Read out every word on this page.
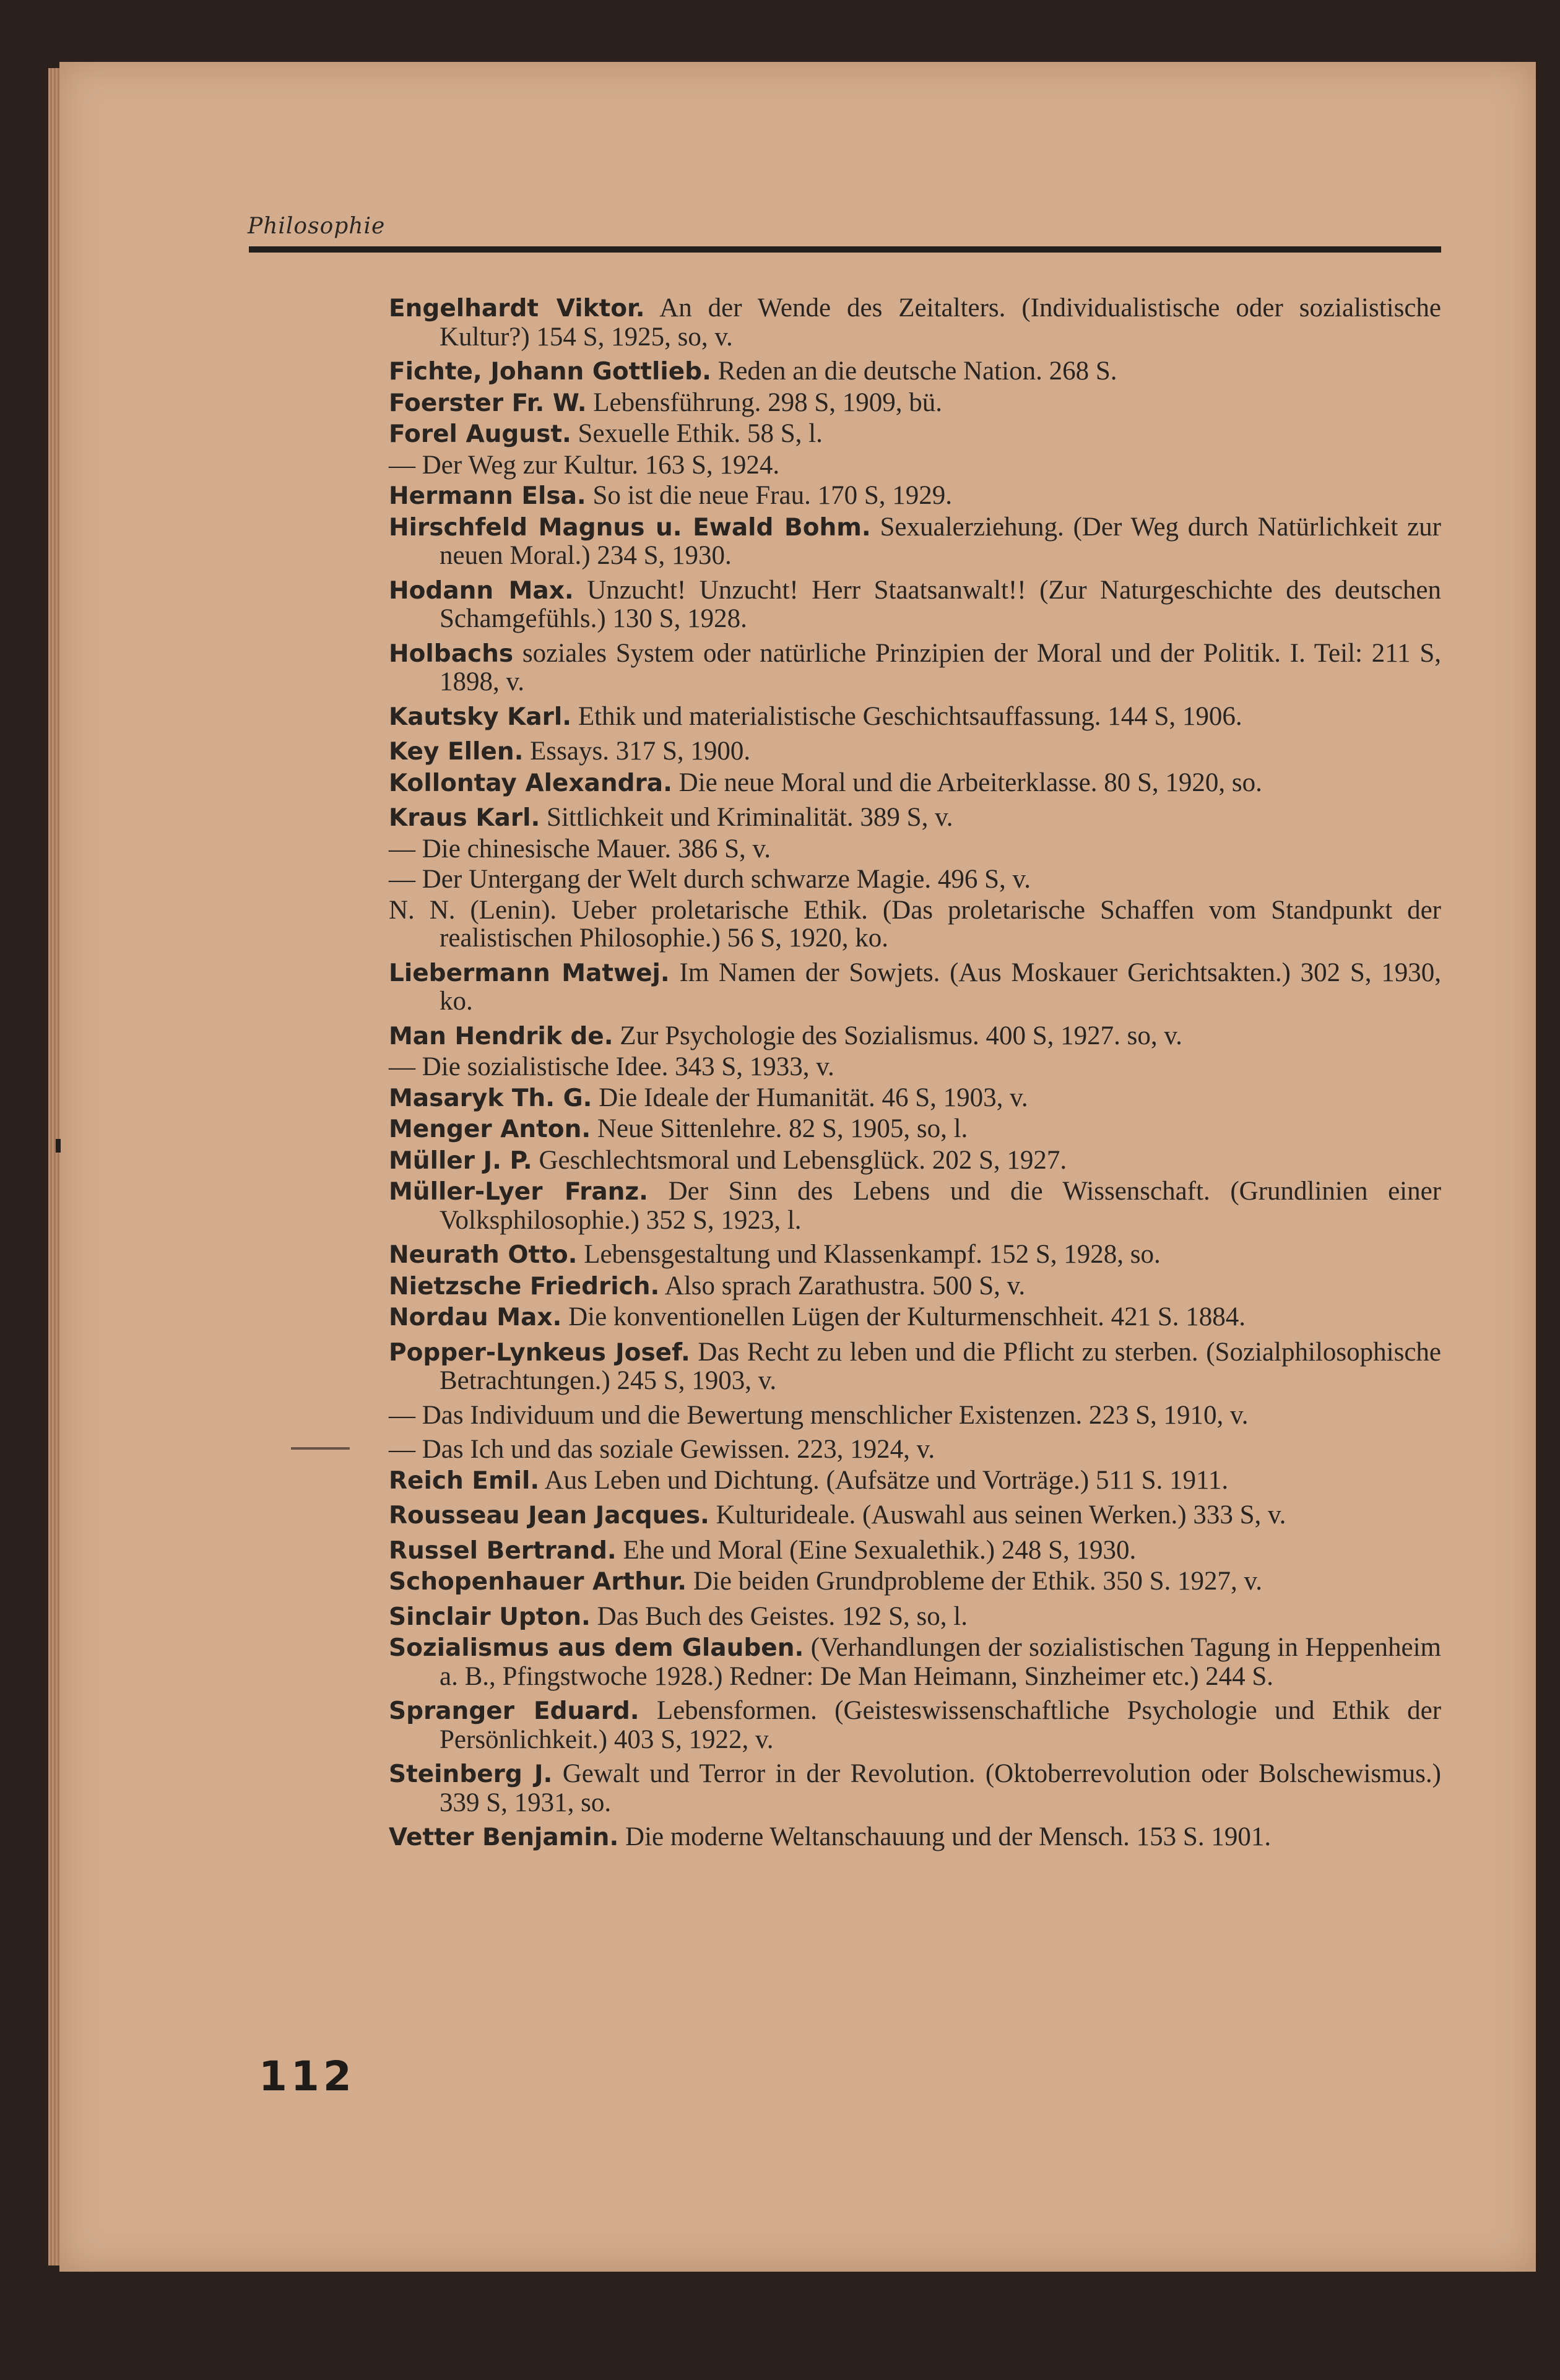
Philosophie
Engelhardt Viktor. An der Wende des Zeitalters. (Individualistische oder sozialistische Kultur?) 154 S, 1925, so, v.
Fichte, Johann Gottlieb. Reden an die deutsche Nation. 268 S.
Foerster Fr. W. Lebensführung. 298 S, 1909, bü.
Forel August. Sexuelle Ethik. 58 S, l.
— Der Weg zur Kultur. 163 S, 1924.
Hermann Elsa. So ist die neue Frau. 170 S, 1929.
Hirschfeld Magnus u. Ewald Bohm. Sexualerziehung. (Der Weg durch Natürlichkeit zur neuen Moral.) 234 S, 1930.
Hodann Max. Unzucht! Unzucht! Herr Staatsanwalt!! (Zur Naturgeschichte des deutschen Schamgefühls.) 130 S, 1928.
Holbachs soziales System oder natürliche Prinzipien der Moral und der Politik. I. Teil: 211 S, 1898, v.
Kautsky Karl. Ethik und materialistische Geschichtsauffassung. 144 S, 1906.
Key Ellen. Essays. 317 S, 1900.
Kollontay Alexandra. Die neue Moral und die Arbeiterklasse. 80 S, 1920, so.
Kraus Karl. Sittlichkeit und Kriminalität. 389 S, v.
— Die chinesische Mauer. 386 S, v.
— Der Untergang der Welt durch schwarze Magie. 496 S, v.
N. N. (Lenin). Ueber proletarische Ethik. (Das proletarische Schaffen vom Standpunkt der realistischen Philosophie.) 56 S, 1920, ko.
Liebermann Matwej. Im Namen der Sowjets. (Aus Moskauer Gerichtsakten.) 302 S, 1930, ko.
Man Hendrik de. Zur Psychologie des Sozialismus. 400 S, 1927. so, v.
— Die sozialistische Idee. 343 S, 1933, v.
Masaryk Th. G. Die Ideale der Humanität. 46 S, 1903, v.
Menger Anton. Neue Sittenlehre. 82 S, 1905, so, l.
Müller J. P. Geschlechtsmoral und Lebensglück. 202 S, 1927.
Müller-Lyer Franz. Der Sinn des Lebens und die Wissenschaft. (Grundlinien einer Volksphilosophie.) 352 S, 1923, l.
Neurath Otto. Lebensgestaltung und Klassenkampf. 152 S, 1928, so.
Nietzsche Friedrich. Also sprach Zarathustra. 500 S, v.
Nordau Max. Die konventionellen Lügen der Kulturmenschheit. 421 S. 1884.
Popper-Lynkeus Josef. Das Recht zu leben und die Pflicht zu sterben. (Sozialphilosophische Betrachtungen.) 245 S, 1903, v.
— Das Individuum und die Bewertung menschlicher Existenzen. 223 S, 1910, v.
— Das Ich und das soziale Gewissen. 223, 1924, v.
Reich Emil. Aus Leben und Dichtung. (Aufsätze und Vorträge.) 511 S. 1911.
Rousseau Jean Jacques. Kulturideale. (Auswahl aus seinen Werken.) 333 S, v.
Russel Bertrand. Ehe und Moral (Eine Sexualethik.) 248 S, 1930.
Schopenhauer Arthur. Die beiden Grundprobleme der Ethik. 350 S. 1927, v.
Sinclair Upton. Das Buch des Geistes. 192 S, so, l.
Sozialismus aus dem Glauben. (Verhandlungen der sozialistischen Tagung in Heppenheim a. B., Pfingstwoche 1928.) Redner: De Man Heimann, Sinzheimer etc.) 244 S.
Spranger Eduard. Lebensformen. (Geisteswissenschaftliche Psychologie und Ethik der Persönlichkeit.) 403 S, 1922, v.
Steinberg J. Gewalt und Terror in der Revolution. (Oktoberrevolution oder Bolschewismus.) 339 S, 1931, so.
Vetter Benjamin. Die moderne Weltanschauung und der Mensch. 153 S. 1901.
112
